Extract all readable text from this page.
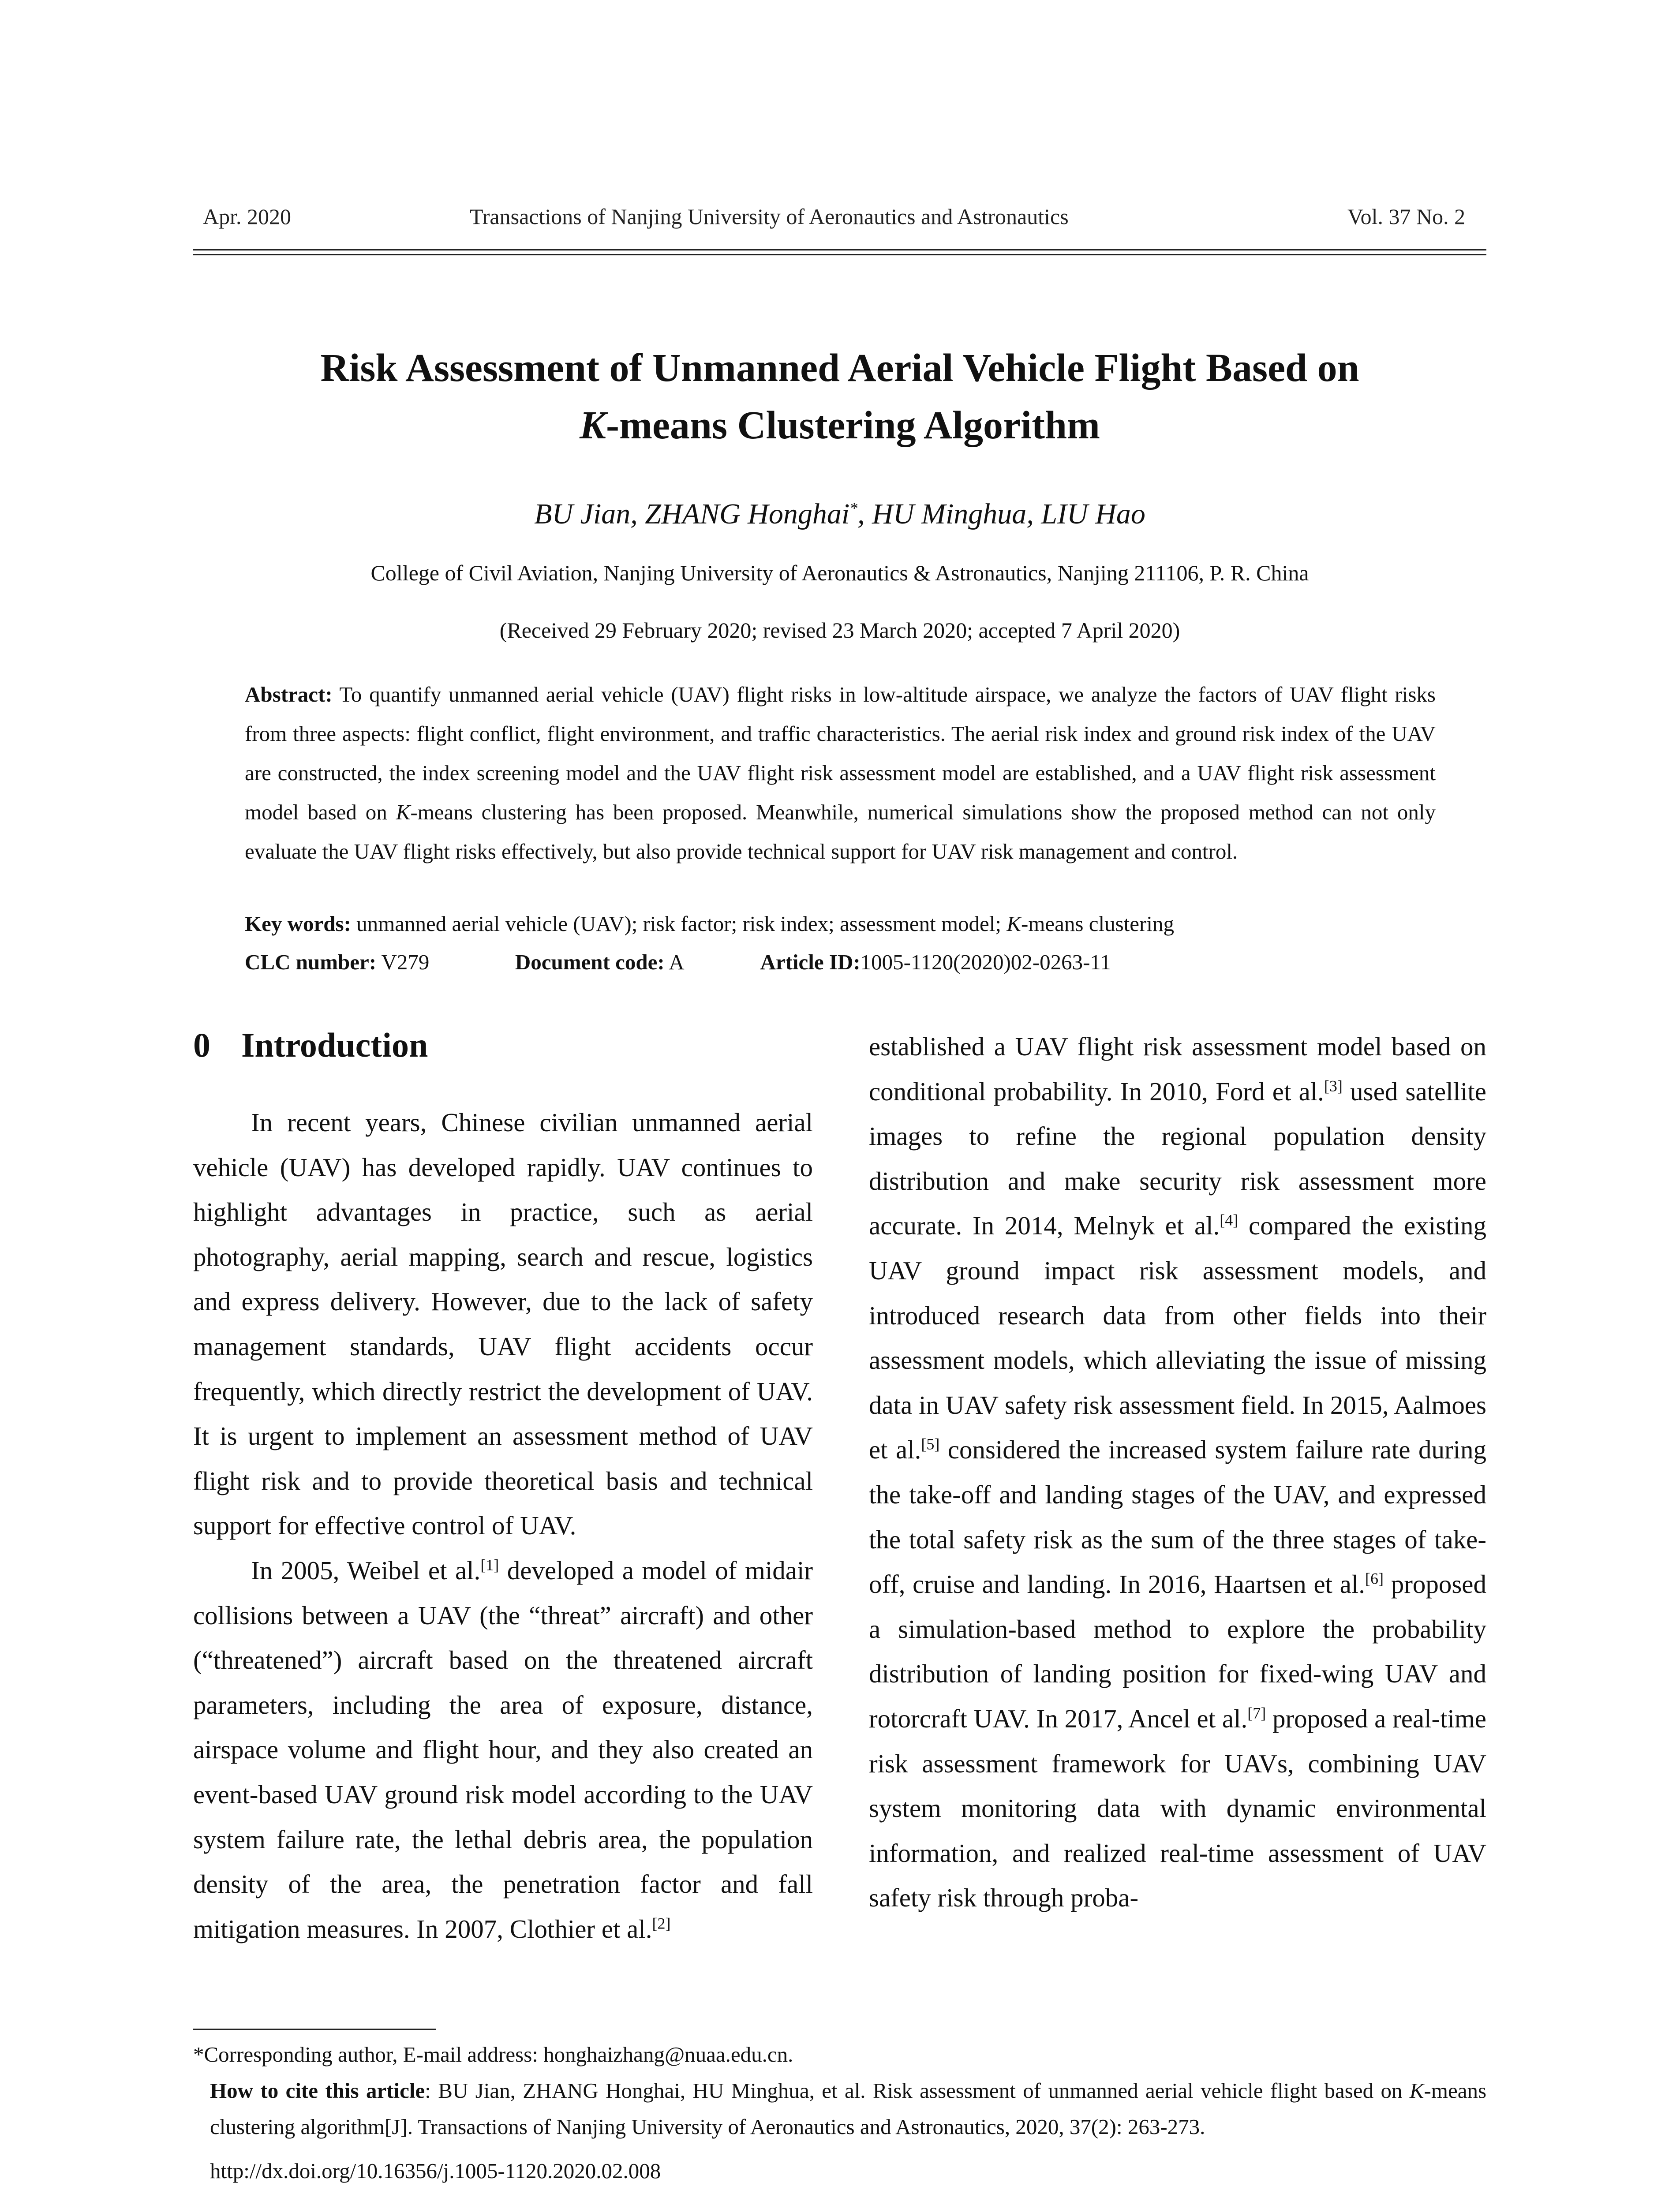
Apr. 2020	Transactions of Nanjing University of Aeronautics and Astronautics	Vol. 37 No. 2
Risk Assessment of Unmanned Aerial Vehicle Flight Based on
K-means Clustering Algorithm
BU Jian, ZHANG Honghai*, HU Minghua, LIU Hao
College of Civil Aviation, Nanjing University of Aeronautics & Astronautics, Nanjing 211106, P. R. China
(Received 29 February 2020; revised 23 March 2020; accepted 7 April 2020)
Abstract: To quantify unmanned aerial vehicle (UAV) flight risks in low-altitude airspace, we analyze the factors of UAV flight risks from three aspects: flight conflict, flight environment, and traffic characteristics. The aerial risk index and ground risk index of the UAV are constructed, the index screening model and the UAV flight risk assessment model are established, and a UAV flight risk assessment model based on K-means clustering has been proposed. Meanwhile, numerical simulations show the proposed method can not only evaluate the UAV flight risks effectively, but also provide technical support for UAV risk management and control.
Key words: unmanned aerial vehicle (UAV); risk factor; risk index; assessment model; K-means clustering
CLC number: V279	Document code: A	Article ID:1005-1120(2020)02-0263-11
0 Introduction

In recent years, Chinese civilian unmanned aerial vehicle (UAV) has developed rapidly. UAV continues to highlight advantages in practice, such as aerial photography, aerial mapping, search and rescue, logistics and express delivery. However, due to the lack of safety management standards, UAV flight accidents occur frequently, which directly restrict the development of UAV. It is urgent to implement an assessment method of UAV flight risk and to provide theoretical basis and technical support for effective control of UAV.

In 2005, Weibel et al.[1] developed a model of midair collisions between a UAV (the “threat” aircraft) and other (“threatened”) aircraft based on the threatened aircraft parameters, including the area of exposure, distance, airspace volume and flight hour, and they also created an event-based UAV ground risk model according to the UAV system failure rate, the lethal debris area, the population density of the area, the penetration factor and fall mitigation measures. In 2007, Clothier et al.[2]

established a UAV flight risk assessment model based on conditional probability. In 2010, Ford et al.[3] used satellite images to refine the regional population density distribution and make security risk assessment more accurate. In 2014, Melnyk et al.[4] compared the existing UAV ground impact risk assessment models, and introduced research data from other fields into their assessment models, which alleviating the issue of missing data in UAV safety risk assessment field. In 2015, Aalmoes et al.[5] considered the increased system failure rate during the take-off and landing stages of the UAV, and expressed the total safety risk as the sum of the three stages of take-off, cruise and landing. In 2016, Haartsen et al.[6] proposed a simulation-based method to explore the probability distribution of landing position for fixed-wing UAV and rotorcraft UAV. In 2017, Ancel et al.[7] proposed a real-time risk assessment framework for UAVs, combining UAV system monitoring data with dynamic environmental information, and realized real-time assessment of UAV safety risk through proba-

*Corresponding author, E-mail address: honghaizhang@nuaa.edu.cn.

How to cite this article: BU Jian, ZHANG Honghai, HU Minghua, et al. Risk assessment of unmanned aerial vehicle flight based on K-means clustering algorithm[J]. Transactions of Nanjing University of Aeronautics and Astronautics, 2020, 37(2): 263-273.

http://dx.doi.org/10.16356/j.1005-1120.2020.02.008
